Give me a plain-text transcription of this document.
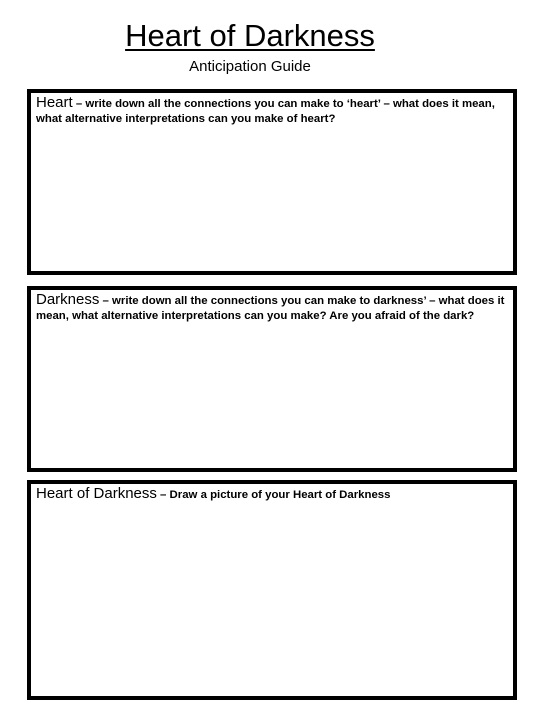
Heart of Darkness
Anticipation Guide
Heart – write down all the connections you can make to ‘heart’ – what does it mean, what alternative interpretations can you make of heart?
Darkness – write down all the connections you can make to darkness’ – what does it mean, what alternative interpretations can you make? Are you afraid of the dark?
Heart of Darkness – Draw a picture of your Heart of Darkness
